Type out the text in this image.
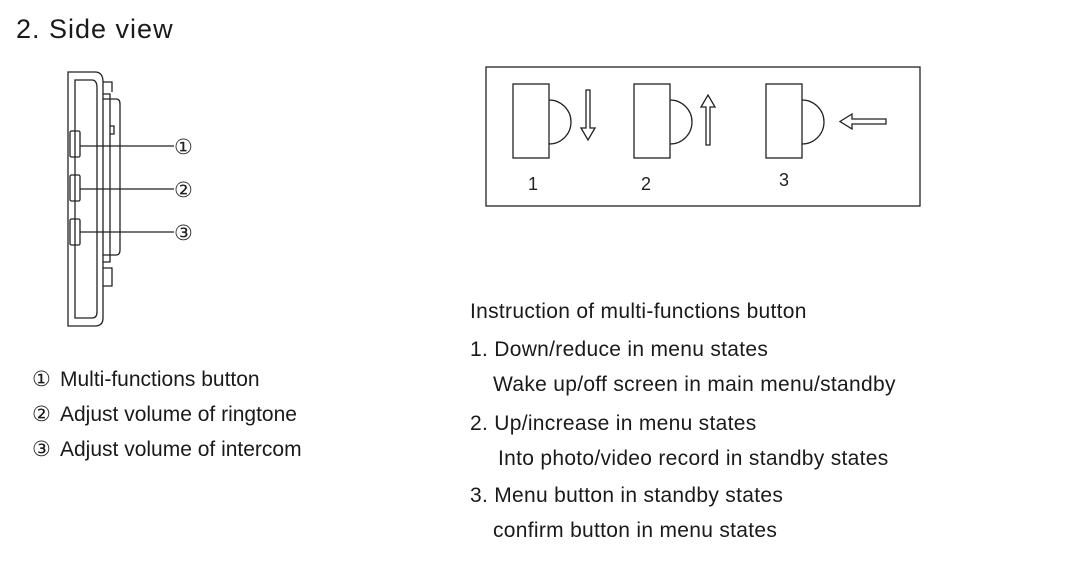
2. Side view
①
②
③
1	2	3
① Multi-functions button
② Adjust volume of ringtone
③ Adjust volume of intercom
Instruction of multi-functions button
1. Down/reduce in menu states
Wake up/off screen in main menu/standby
2. Up/increase in menu states
Into photo/video record in standby states
3. Menu button in standby states
confirm button in menu states
